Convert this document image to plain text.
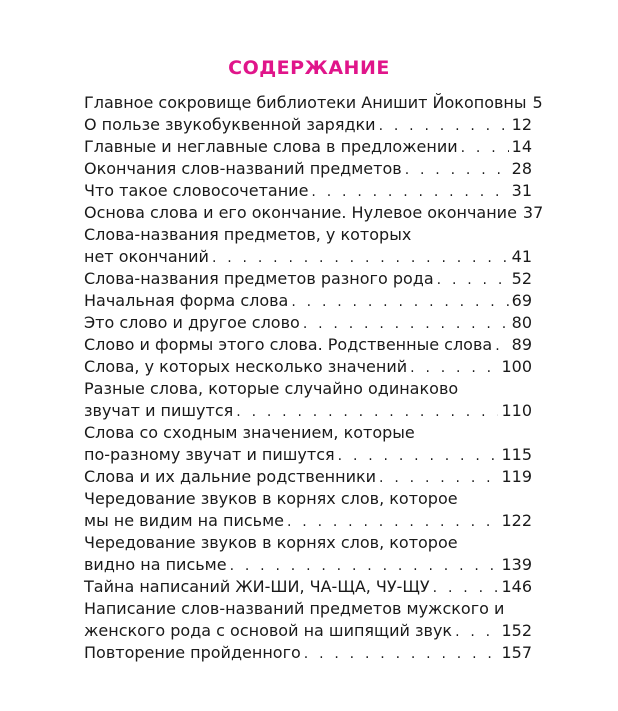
СОДЕРЖАНИЕ
Главное сокровище библиотеки Анишит Йокоповны 5
О пользе звукобуквенной зарядки . . .	12
Главные и неглавные слова в предложении . . .	14
Окончания слов-названий предметов . . .	28
Что такое словосочетание . . .	31
Основа слова и его окончание. Нулевое окончание 37
Слова-названия предметов, у которых
нет окончаний . . .	41
Слова-названия предметов разного рода . . .	52
Начальная форма слова . . .	69
Это слово и другое слово . . .	80
Слово и формы этого слова. Родственные слова . . . 89
Слова, у которых несколько значений . . .	100
Разные слова, которые случайно одинаково
звучат и пишутся . . .	110
Слова со сходным значением, которые
по-разному звучат и пишутся . . .	115
Слова и их дальние родственники . . .	119
Чередование звуков в корнях слов, которое
мы не видим на письме . . .	122
Чередование звуков в корнях слов, которое
видно на письме . . .	139
Тайна написаний ЖИ-ШИ, ЧА-ЩА, ЧУ-ЩУ . . .	146
Написание слов-названий предметов мужского и
женского рода с основой на шипящий звук . . .	152
Повторение пройденного . . .	157
